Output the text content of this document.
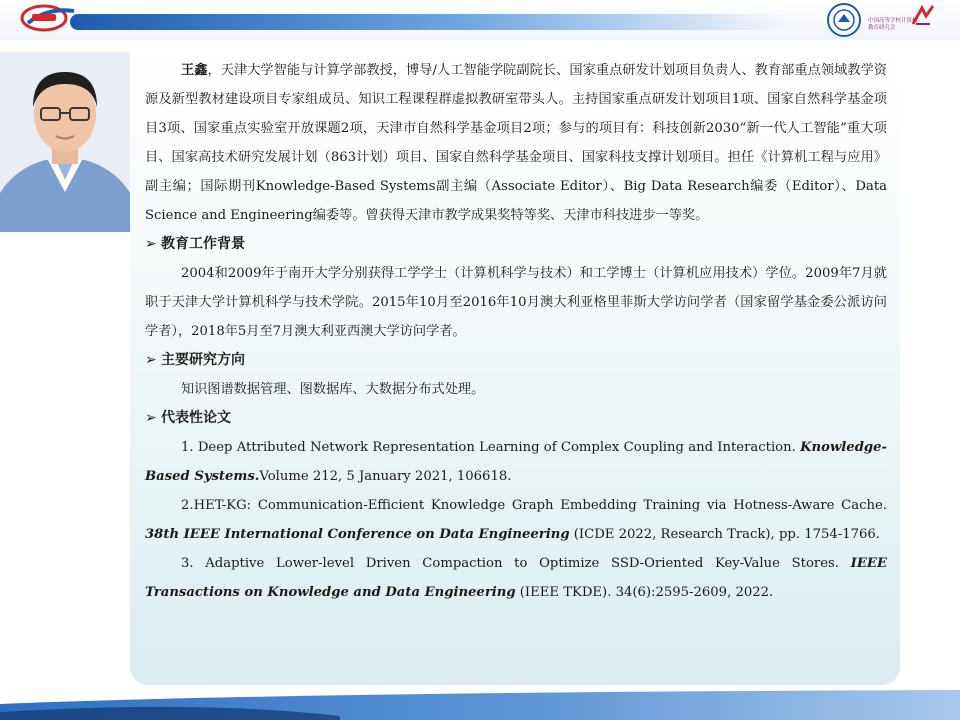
中国高等学校计算机
教育研究会

王鑫，天津大学智能与计算学部教授，博导/人工智能学院副院长、国家重点研发计划项目负责人、教育部重点领域教学资源及新型教材建设项目专家组成员、知识工程课程群虚拟教研室带头人。主持国家重点研发计划项目1项、国家自然科学基金项目3项、国家重点实验室开放课题2项，天津市自然科学基金项目2项；参与的项目有：科技创新2030“新一代人工智能”重大项目、国家高技术研究发展计划（863计划）项目、国家自然科学基金项目、国家科技支撑计划项目。担任《计算机工程与应用》副主编；国际期刊Knowledge-Based Systems副主编（Associate Editor）、Big Data Research编委（Editor）、Data Science and Engineering编委等。曾获得天津市教学成果奖特等奖、天津市科技进步一等奖。

➢ 教育工作背景

2004和2009年于南开大学分别获得工学学士（计算机科学与技术）和工学博士（计算机应用技术）学位。2009年7月就职于天津大学计算机科学与技术学院。2015年10月至2016年10月澳大利亚格里菲斯大学访问学者（国家留学基金委公派访问学者），2018年5月至7月澳大利亚西澳大学访问学者。

➢ 主要研究方向

知识图谱数据管理、图数据库、大数据分布式处理。

➢ 代表性论文

1. Deep Attributed Network Representation Learning of Complex Coupling and Interaction. Knowledge-Based Systems.Volume 212, 5 January 2021, 106618.

2.HET-KG: Communication-Efficient Knowledge Graph Embedding Training via Hotness-Aware Cache. 38th IEEE International Conference on Data Engineering (ICDE 2022, Research Track), pp. 1754-1766.

3. Adaptive Lower-level Driven Compaction to Optimize SSD-Oriented Key-Value Stores. IEEE Transactions on Knowledge and Data Engineering (IEEE TKDE). 34(6):2595-2609, 2022.
